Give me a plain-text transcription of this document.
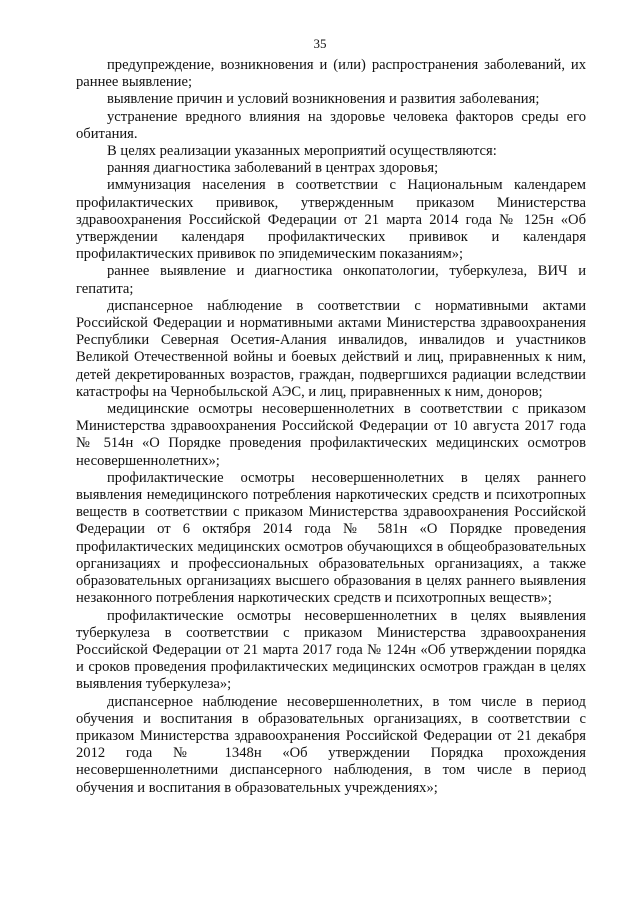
35

предупреждение, возникновения и (или) распространения заболеваний, их раннее выявление;

выявление причин и условий возникновения и развития заболевания;

устранение вредного влияния на здоровье человека факторов среды его обитания.

В целях реализации указанных мероприятий осуществляются:

ранняя диагностика заболеваний в центрах здоровья;

иммунизация населения в соответствии с Национальным календарем профилактических прививок, утвержденным приказом Министерства здравоохранения Российской Федерации от 21 марта 2014 года № 125н «Об утверждении календаря профилактических прививок и календаря профилактических прививок по эпидемическим показаниям»;

раннее выявление и диагностика онкопатологии, туберкулеза, ВИЧ и гепатита;

диспансерное наблюдение в соответствии с нормативными актами Российской Федерации и нормативными актами Министерства здравоохранения Республики Северная Осетия-Алания инвалидов, инвалидов и участников Великой Отечественной войны и боевых действий и лиц, приравненных к ним, детей декретированных возрастов, граждан, подвергшихся радиации вследствии катастрофы на Чернобыльской АЭС, и лиц, приравненных к ним, доноров;

медицинские осмотры несовершеннолетних в соответствии с приказом Министерства здравоохранения Российской Федерации от 10 августа 2017 года № 514н «О Порядке проведения профилактических медицинских осмотров несовершеннолетних»;

профилактические осмотры несовершеннолетних в целях раннего выявления немедицинского потребления наркотических средств и психотропных веществ в соответствии с приказом Министерства здравоохранения Российской Федерации от 6 октября 2014 года № 581н «О Порядке проведения профилактических медицинских осмотров обучающихся в общеобразовательных организациях и профессиональных образовательных организациях, а также образовательных организациях высшего образования в целях раннего выявления незаконного потребления наркотических средств и психотропных веществ»;

профилактические осмотры несовершеннолетних в целях выявления туберкулеза в соответствии с приказом Министерства здравоохранения Российской Федерации от 21 марта 2017 года № 124н «Об утверждении порядка и сроков проведения профилактических медицинских осмотров граждан в целях выявления туберкулеза»;

диспансерное наблюдение несовершеннолетних, в том числе в период обучения и воспитания в образовательных организациях, в соответствии с приказом Министерства здравоохранения Российской Федерации от 21 декабря 2012 года № 1348н «Об утверждении Порядка прохождения несовершеннолетними диспансерного наблюдения, в том числе в период обучения и воспитания в образовательных учреждениях»;
